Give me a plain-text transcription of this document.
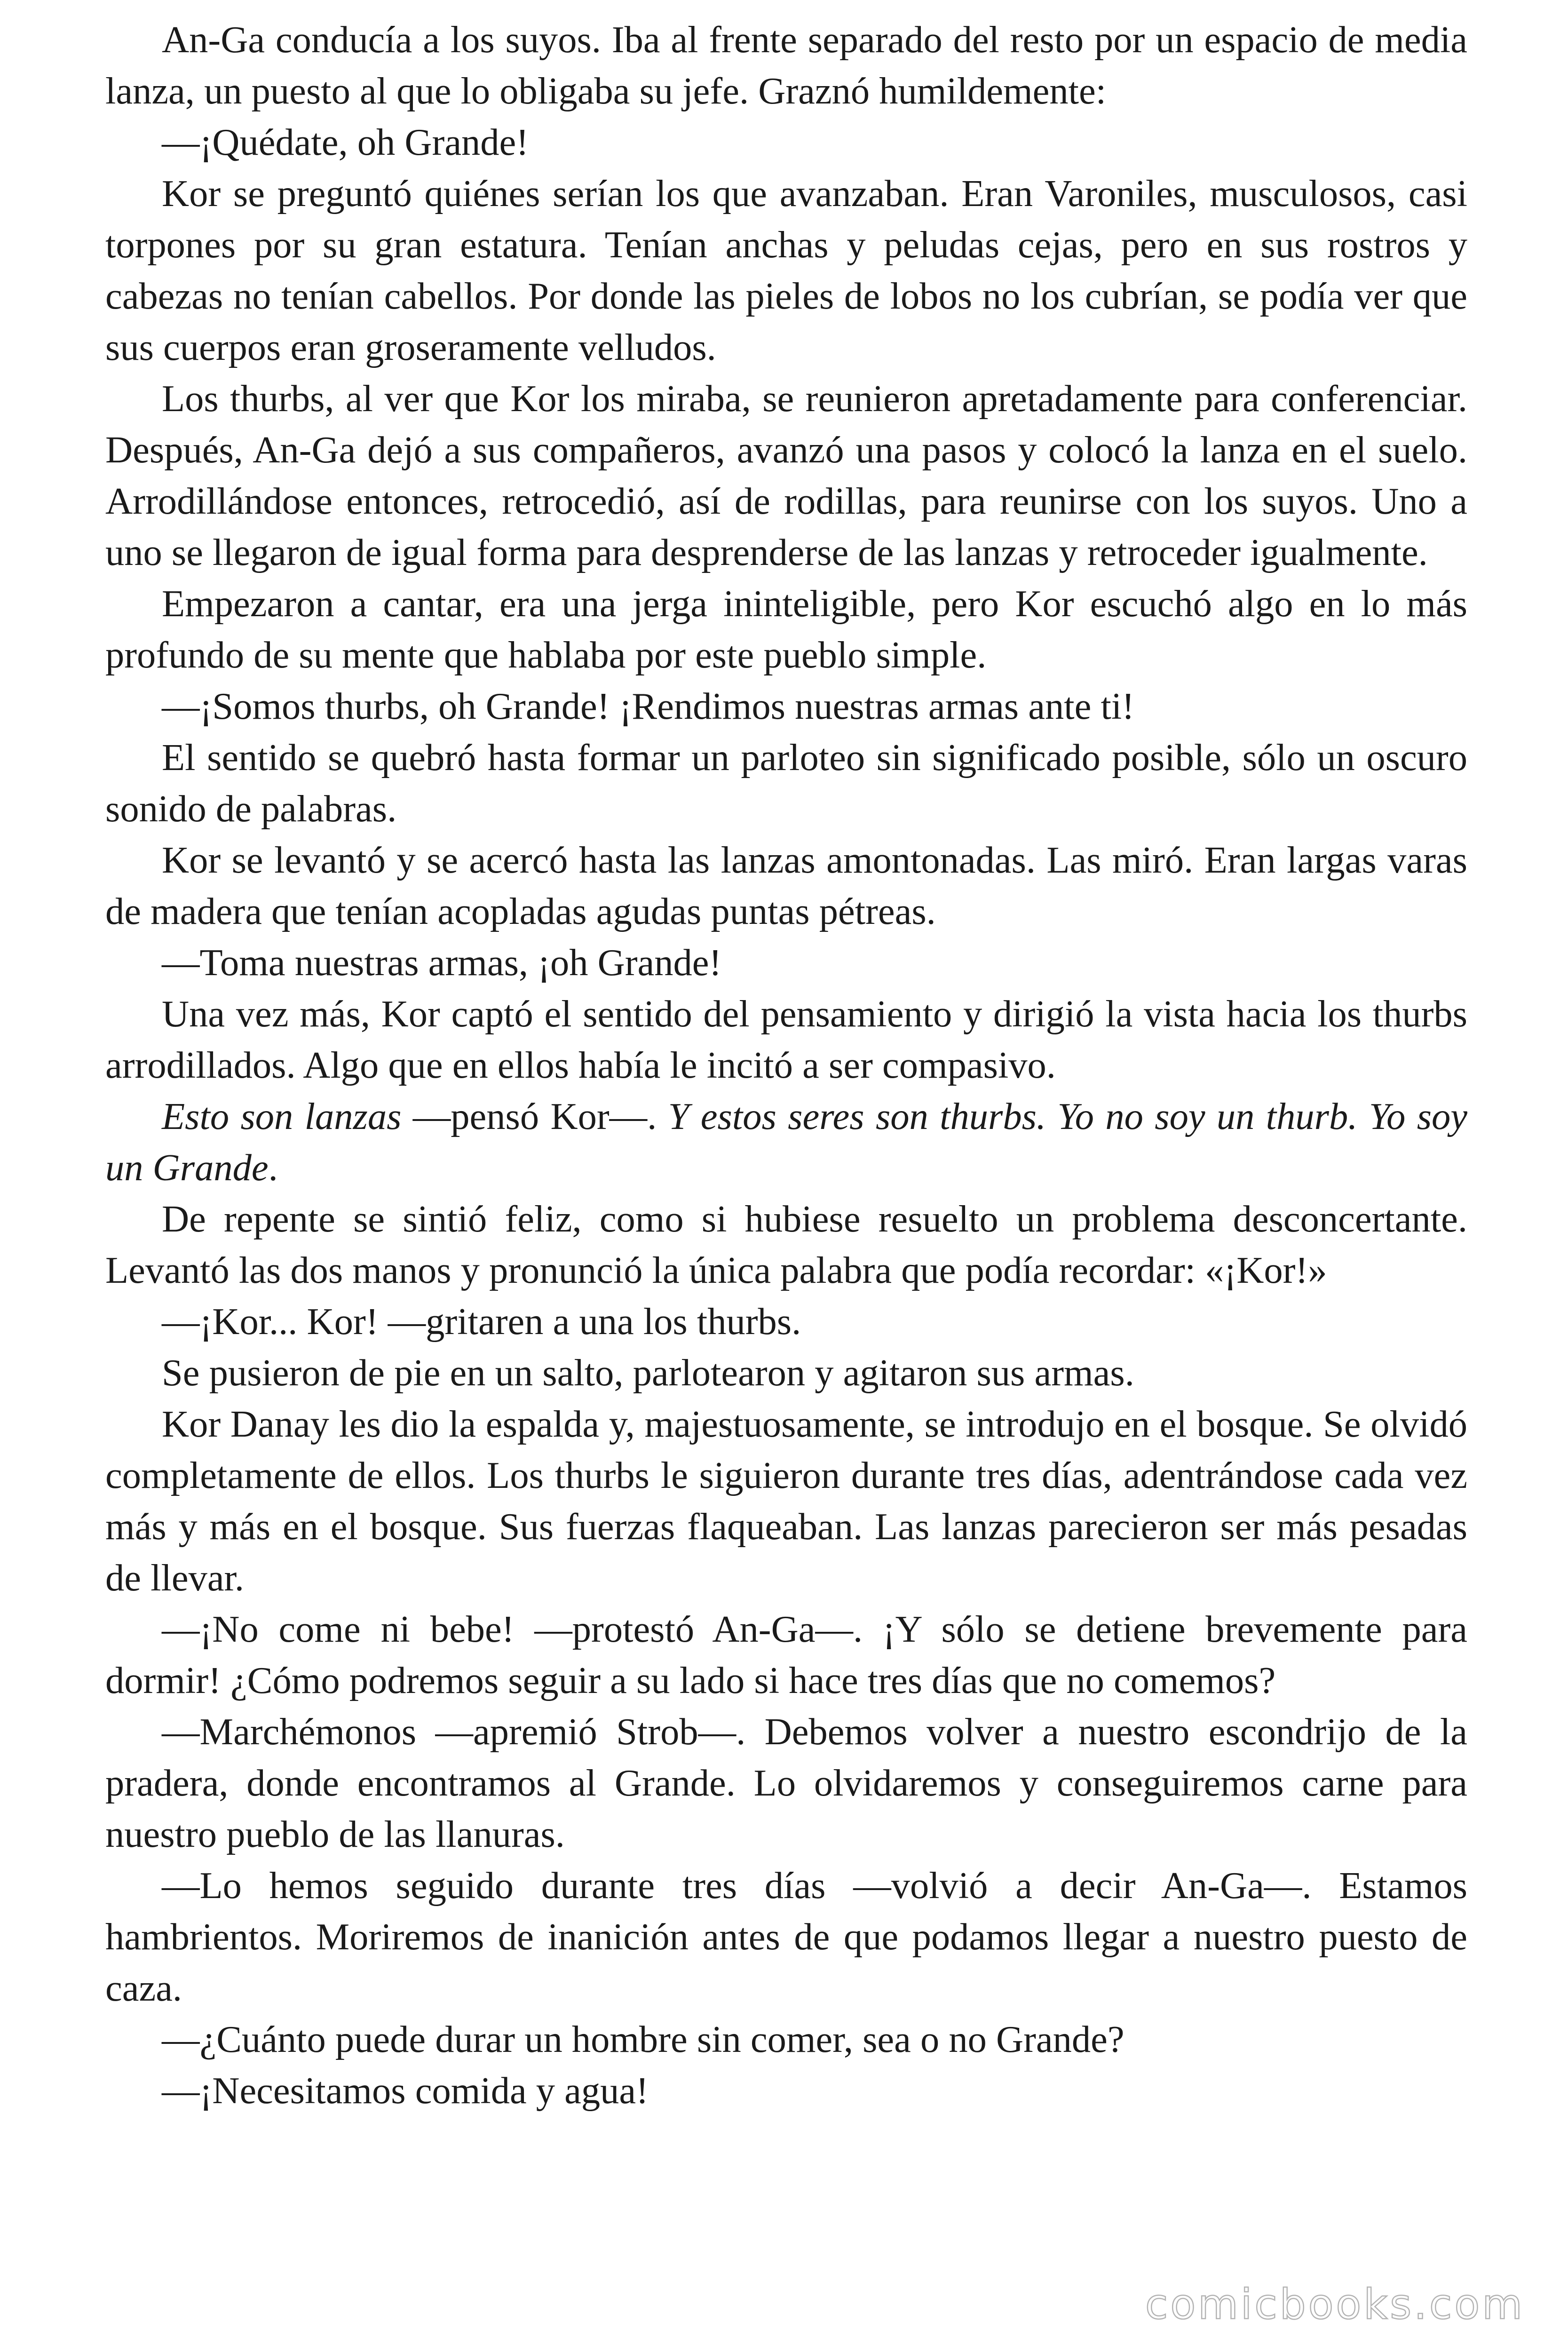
An-Ga conducía a los suyos. Iba al frente separado del resto por un espacio de media lanza, un puesto al que lo obligaba su jefe. Graznó humildemente:

—¡Quédate, oh Grande!

Kor se preguntó quiénes serían los que avanzaban. Eran Varoniles, musculosos, casi torpones por su gran estatura. Tenían anchas y peludas cejas, pero en sus rostros y cabezas no tenían cabellos. Por donde las pieles de lobos no los cubrían, se podía ver que sus cuerpos eran groseramente velludos.

Los thurbs, al ver que Kor los miraba, se reunieron apretadamente para conferenciar. Después, An-Ga dejó a sus compañeros, avanzó una pasos y colocó la lanza en el suelo. Arrodillándose entonces, retrocedió, así de rodillas, para reunirse con los suyos. Uno a uno se llegaron de igual forma para desprenderse de las lanzas y retroceder igualmente.

Empezaron a cantar, era una jerga ininteligible, pero Kor escuchó algo en lo más profundo de su mente que hablaba por este pueblo simple.

—¡Somos thurbs, oh Grande! ¡Rendimos nuestras armas ante ti!

El sentido se quebró hasta formar un parloteo sin significado posible, sólo un oscuro sonido de palabras.

Kor se levantó y se acercó hasta las lanzas amontonadas. Las miró. Eran largas varas de madera que tenían acopladas agudas puntas pétreas.

—Toma nuestras armas, ¡oh Grande!

Una vez más, Kor captó el sentido del pensamiento y dirigió la vista hacia los thurbs arrodillados. Algo que en ellos había le incitó a ser compasivo.

Esto son lanzas —pensó Kor—. Y estos seres son thurbs. Yo no soy un thurb. Yo soy un Grande.

De repente se sintió feliz, como si hubiese resuelto un problema desconcertante. Levantó las dos manos y pronunció la única palabra que podía recordar: «¡Kor!»

—¡Kor... Kor! —gritaren a una los thurbs.

Se pusieron de pie en un salto, parlotearon y agitaron sus armas.

Kor Danay les dio la espalda y, majestuosamente, se introdujo en el bosque. Se olvidó completamente de ellos. Los thurbs le siguieron durante tres días, adentrándose cada vez más y más en el bosque. Sus fuerzas flaqueaban. Las lanzas parecieron ser más pesadas de llevar.

—¡No come ni bebe! —protestó An-Ga—. ¡Y sólo se detiene brevemente para dormir! ¿Cómo podremos seguir a su lado si hace tres días que no comemos?

—Marchémonos —apremió Strob—. Debemos volver a nuestro escondrijo de la pradera, donde encontramos al Grande. Lo olvidaremos y conseguiremos carne para nuestro pueblo de las llanuras.

—Lo hemos seguido durante tres días —volvió a decir An-Ga—. Estamos hambrientos. Moriremos de inanición antes de que podamos llegar a nuestro puesto de caza.

—¿Cuánto puede durar un hombre sin comer, sea o no Grande?

—¡Necesitamos comida y agua!

comicbooks.com
